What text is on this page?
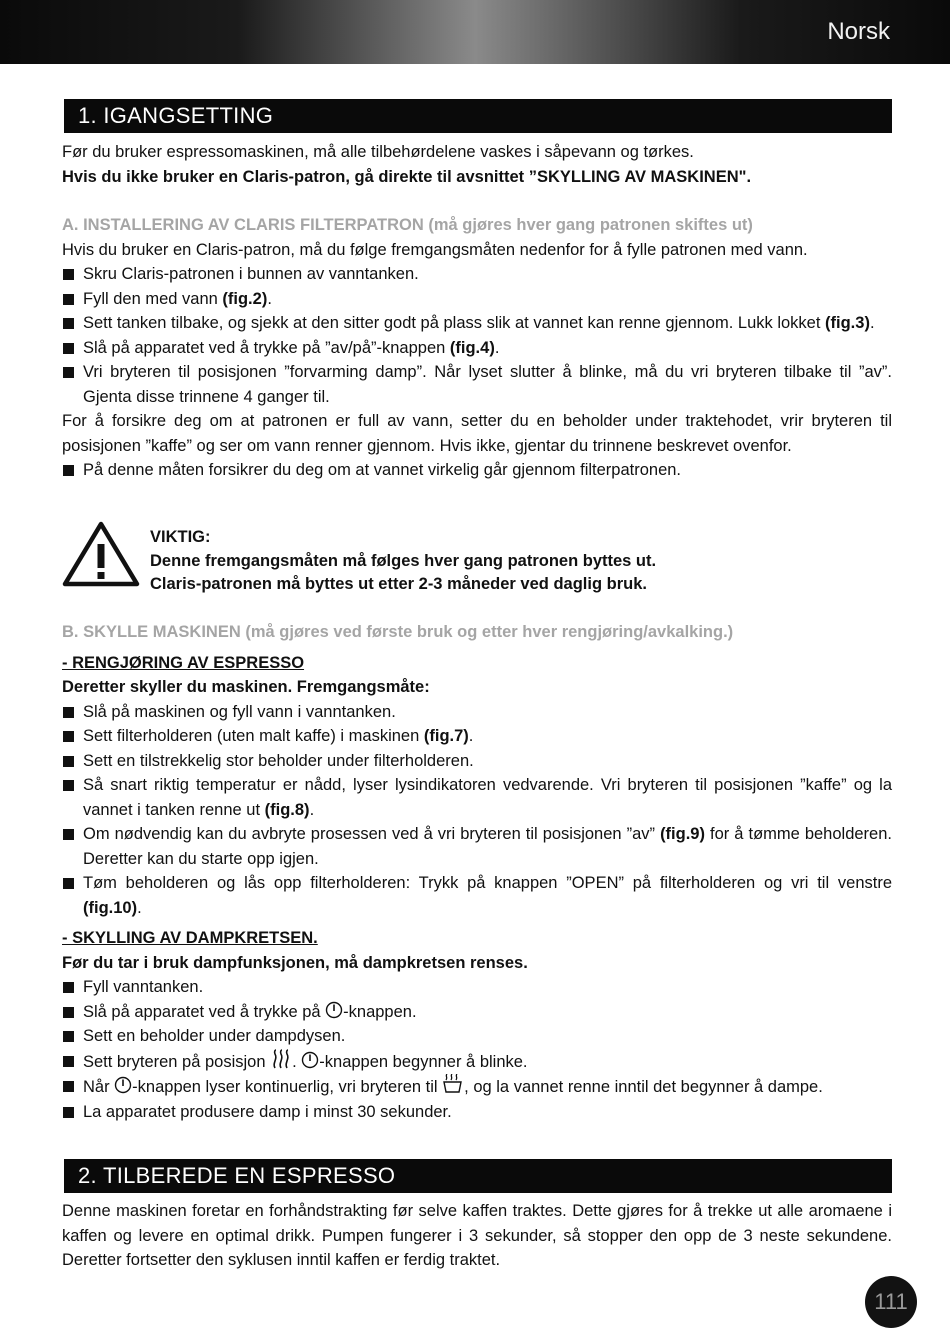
Norsk
1. IGANGSETTING

Før du bruker espressomaskinen, må alle tilbehørdelene vaskes i såpevann og tørkes.

Hvis du ikke bruker en Claris-patron, gå direkte til avsnittet ”SKYLLING AV MASKINEN".

A. INSTALLERING AV CLARIS FILTERPATRON (må gjøres hver gang patronen skiftes ut)

Hvis du bruker en Claris-patron, må du følge fremgangsmåten nedenfor for å fylle patronen med vann.

Skru Claris-patronen i bunnen av vanntanken.

Fyll den med vann (fig.2).

Sett tanken tilbake, og sjekk at den sitter godt på plass slik at vannet kan renne gjennom. Lukk lokket (fig.3).

Slå på apparatet ved å trykke på ”av/på”-knappen (fig.4).

Vri bryteren til posisjonen ”forvarming damp”. Når lyset slutter å blinke, må du vri bryteren tilbake til ”av”. Gjenta disse trinnene 4 ganger til.

For å forsikre deg om at patronen er full av vann, setter du en beholder under traktehodet, vrir bryteren til posisjonen ”kaffe” og ser om vann renner gjennom. Hvis ikke, gjentar du trinnene beskrevet ovenfor.

På denne måten forsikrer du deg om at vannet virkelig går gjennom filterpatronen.

VIKTIG:
Denne fremgangsmåten må følges hver gang patronen byttes ut.
Claris-patronen må byttes ut etter 2-3 måneder ved daglig bruk.

B. SKYLLE MASKINEN (må gjøres ved første bruk og etter hver rengjøring/avkalking.)

- RENGJØRING AV ESPRESSO

Deretter skyller du maskinen. Fremgangsmåte:

Slå på maskinen og fyll vann i vanntanken.

Sett filterholderen (uten malt kaffe) i maskinen (fig.7).

Sett en tilstrekkelig stor beholder under filterholderen.

Så snart riktig temperatur er nådd, lyser lysindikatoren vedvarende. Vri bryteren til posisjonen ”kaffe” og la vannet i tanken renne ut (fig.8).

Om nødvendig kan du avbryte prosessen ved å vri bryteren til posisjonen ”av” (fig.9) for å tømme beholderen. Deretter kan du starte opp igjen.

Tøm beholderen og lås opp filterholderen: Trykk på knappen ”OPEN” på filterholderen og vri til venstre (fig.10).

- SKYLLING AV DAMPKRETSEN.

Før du tar i bruk dampfunksjonen, må dampkretsen renses.

Fyll vanntanken.

Slå på apparatet ved å trykke på -knappen.

Sett en beholder under dampdysen.

Sett bryteren på posisjon . -knappen begynner å blinke.

Når -knappen lyser kontinuerlig, vri bryteren til , og la vannet renne inntil det begynner å dampe.

La apparatet produsere damp i minst 30 sekunder.

2. TILBEREDE EN ESPRESSO

Denne maskinen foretar en forhåndstrakting før selve kaffen traktes. Dette gjøres for å trekke ut alle aromaene i kaffen og levere en optimal drikk. Pumpen fungerer i 3 sekunder, så stopper den opp de 3 neste sekundene. Deretter fortsetter den syklusen inntil kaffen er ferdig traktet.

111
